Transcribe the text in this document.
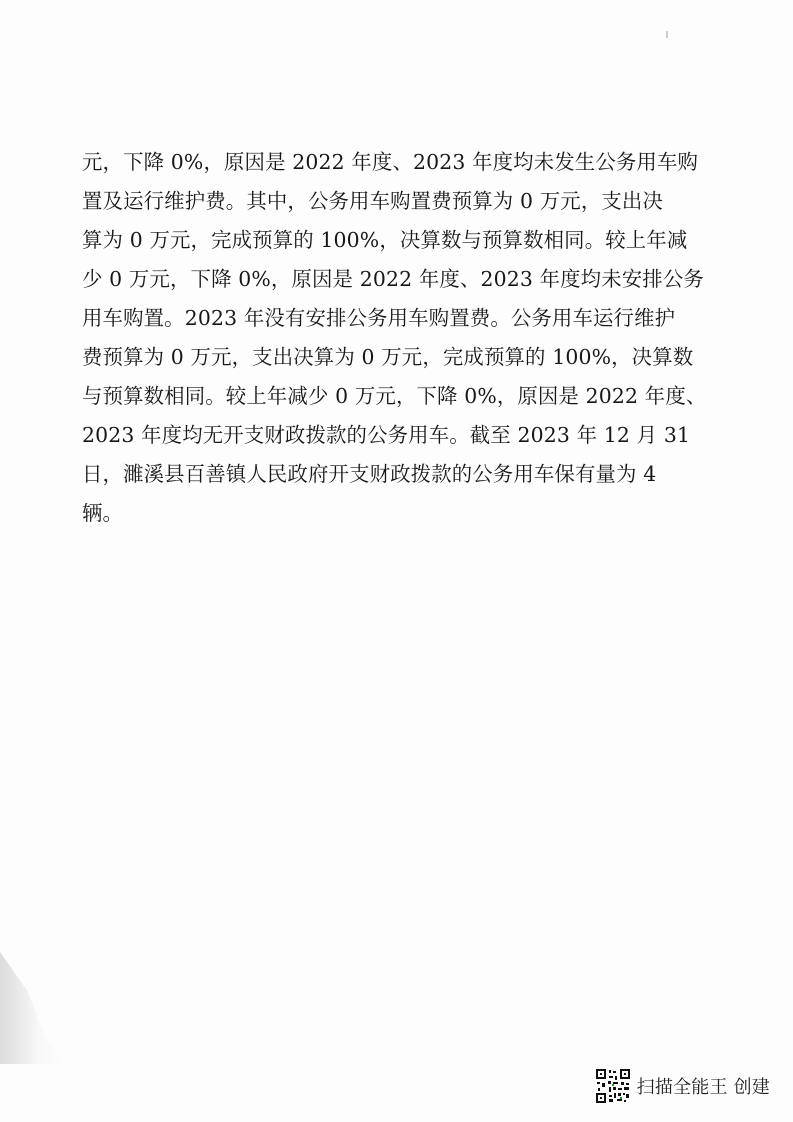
元，下降 0%，原因是 2022 年度、2023 年度均未发生公务用车购
置及运行维护费。其中，公务用车购置费预算为 0 万元，支出决
算为 0 万元，完成预算的 100%，决算数与预算数相同。较上年减
少 0 万元，下降 0%，原因是 2022 年度、2023 年度均未安排公务
用车购置。2023 年没有安排公务用车购置费。公务用车运行维护
费预算为 0 万元，支出决算为 0 万元，完成预算的 100%，决算数
与预算数相同。较上年减少 0 万元，下降 0%，原因是 2022 年度、
2023 年度均无开支财政拨款的公务用车。截至 2023 年 12 月 31
日，濉溪县百善镇人民政府开支财政拨款的公务用车保有量为 4
辆。

扫描全能王 创建
